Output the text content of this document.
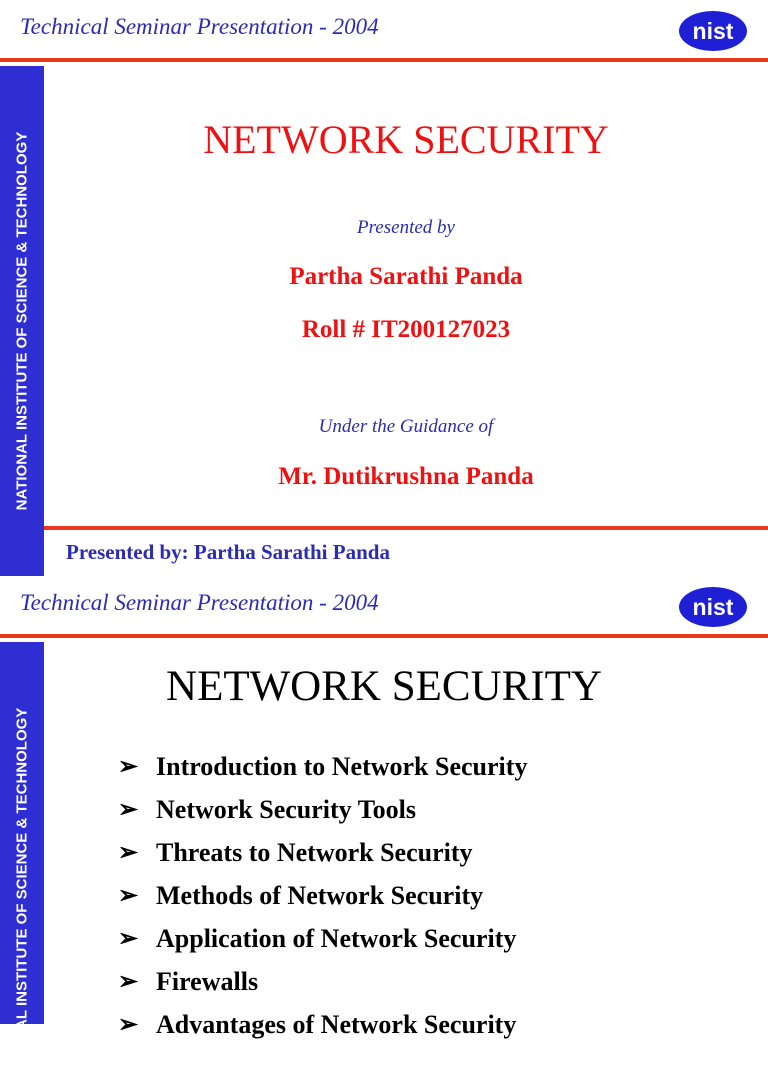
Technical Seminar Presentation - 2004	nist
NATIONAL INSTITUTE OF SCIENCE & TECHNOLOGY	NETWORK SECURITY
Presented by
Partha Sarathi Panda
Roll # IT200127023
Under the Guidance of
Mr. Dutikrushna Panda
Presented by: Partha Sarathi Panda
Technical Seminar Presentation - 2004	nist
NATIONAL INSTITUTE OF SCIENCE & TECHNOLOGY
NETWORK SECURITY
➢ Introduction to Network Security
➢ Network Security Tools
➢ Threats to Network Security
➢ Methods of Network Security
➢ Application of Network Security
➢ Firewalls
➢ Advantages of Network Security
